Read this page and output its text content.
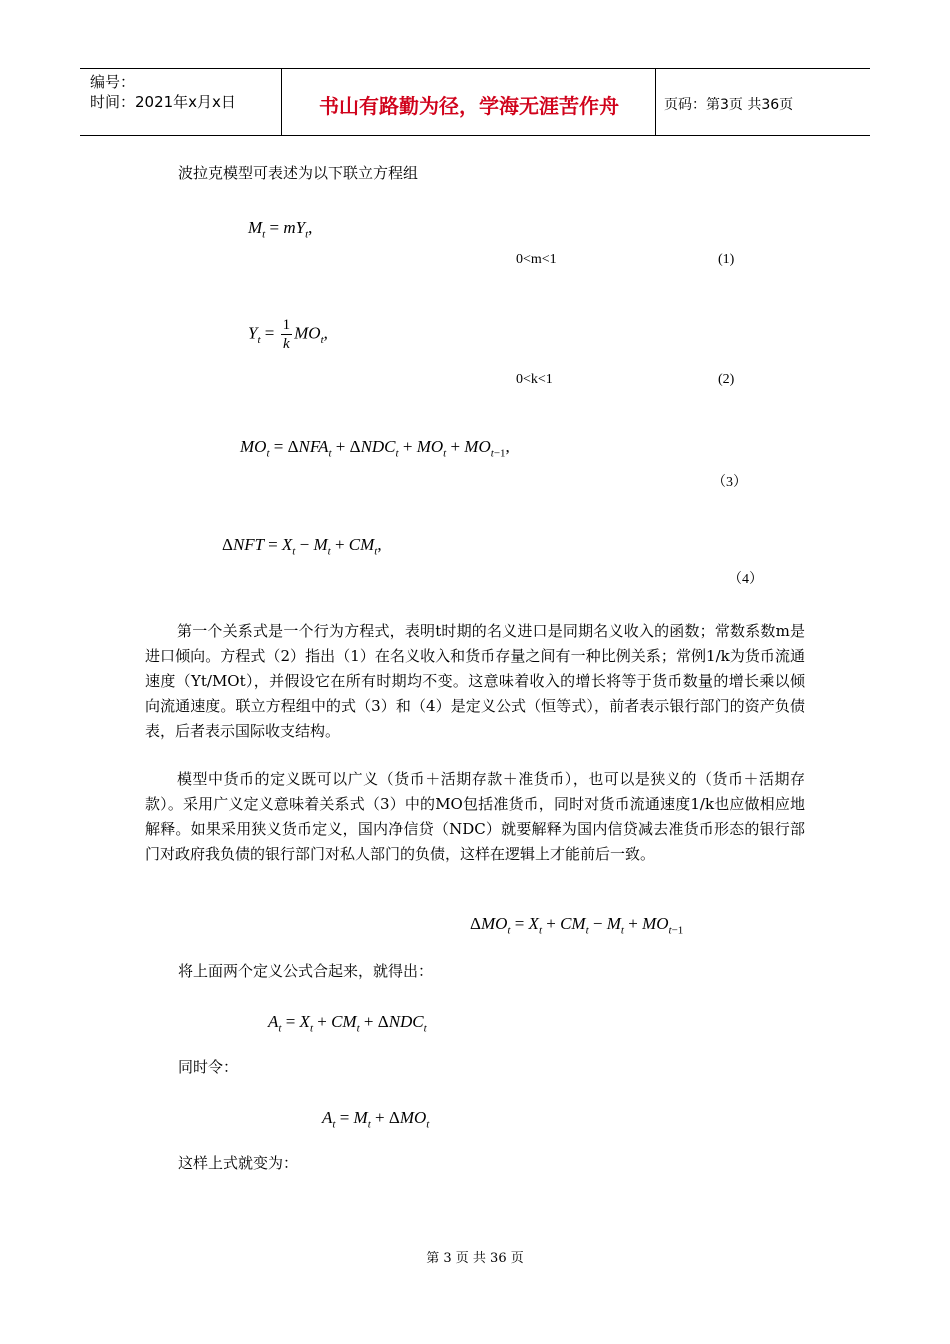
编号：
时间：2021年x月x日	书山有路勤为径，学海无涯苦作舟	页码：第3页 共36页
波拉克模型可表述为以下联立方程组
$M_t = mY_t$,
0<m<1	(1)
$Y_t = \frac{1}{k} MO_t$,
0<k<1	(2)
$MO_t = \Delta NFA_t + \Delta NDC_t + MO_t + MO_{t-1}$,
（3）
$\Delta NFT = X_t - M_t + CM_t$,
（4）
第一个关系式是一个行为方程式，表明t时期的名义进口是同期名义收入的函数；常数系数m是进口倾向。方程式（2）指出（1）在名义收入和货币存量之间有一种比例关系；常例1/k为货币流通速度（Yt/MOt），并假设它在所有时期均不变。这意味着收入的增长将等于货币数量的增长乘以倾向流通速度。联立方程组中的式（3）和（4）是定义公式（恒等式），前者表示银行部门的资产负债表，后者表示国际收支结构。
模型中货币的定义既可以广义（货币＋活期存款＋准货币），也可以是狭义的（货币＋活期存款）。采用广义定义意味着关系式（3）中的MO包括准货币，同时对货币流通速度1/k也应做相应地解释。如果采用狭义货币定义，国内净信贷（NDC）就要解释为国内信贷减去准货币形态的银行部门对政府我负债的银行部门对私人部门的负债，这样在逻辑上才能前后一致。
$\Delta MO_t = X_t + CM_t - M_t + MO_{t-1}$
将上面两个定义公式合起来，就得出：
$A_t = X_t + CM_t + \Delta NDC_t$
同时令：
$A_t = M_t + \Delta MO_t$
这样上式就变为：
第 3 页 共 36 页
